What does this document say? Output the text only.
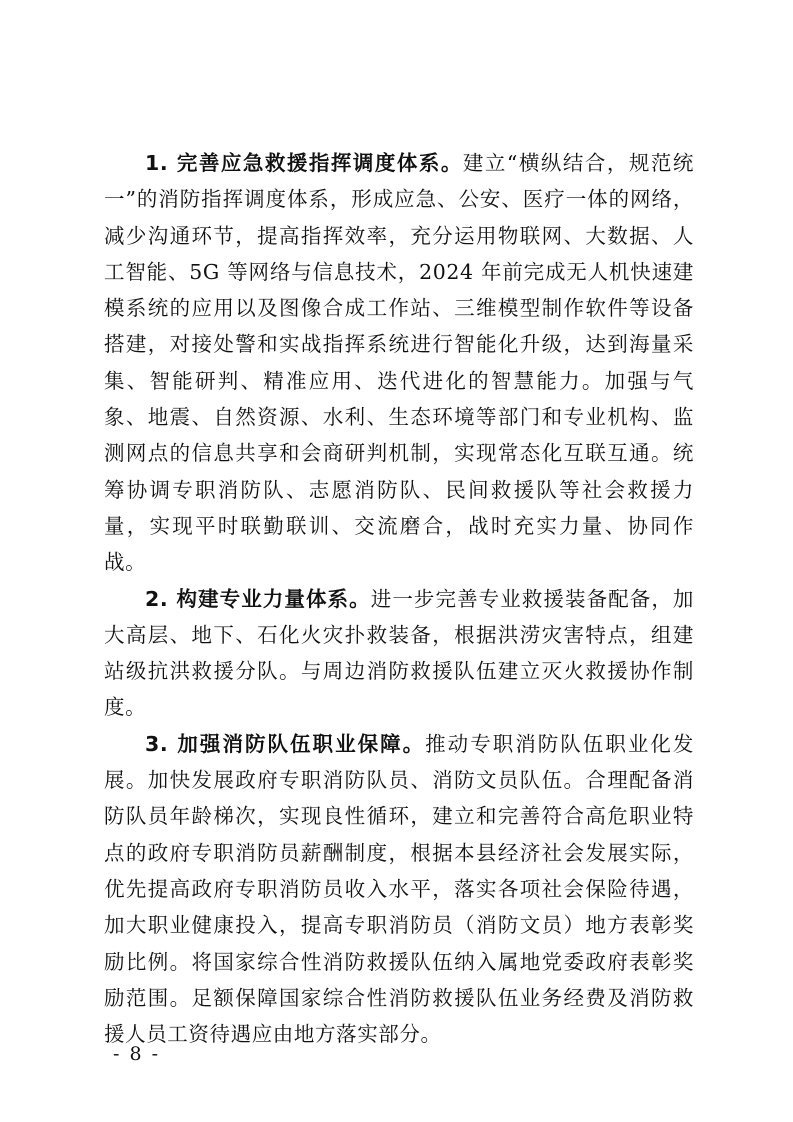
1. 完善应急救援指挥调度体系。建立“横纵结合，规范统一”的消防指挥调度体系，形成应急、公安、医疗一体的网络，减少沟通环节，提高指挥效率，充分运用物联网、大数据、人工智能、5G 等网络与信息技术，2024 年前完成无人机快速建模系统的应用以及图像合成工作站、三维模型制作软件等设备搭建，对接处警和实战指挥系统进行智能化升级，达到海量采集、智能研判、精准应用、迭代进化的智慧能力。加强与气象、地震、自然资源、水利、生态环境等部门和专业机构、监测网点的信息共享和会商研判机制，实现常态化互联互通。统筹协调专职消防队、志愿消防队、民间救援队等社会救援力量，实现平时联勤联训、交流磨合，战时充实力量、协同作战。

2. 构建专业力量体系。进一步完善专业救援装备配备，加大高层、地下、石化火灾扑救装备，根据洪涝灾害特点，组建站级抗洪救援分队。与周边消防救援队伍建立灭火救援协作制度。

3. 加强消防队伍职业保障。推动专职消防队伍职业化发展。加快发展政府专职消防队员、消防文员队伍。合理配备消防队员年龄梯次，实现良性循环，建立和完善符合高危职业特点的政府专职消防员薪酬制度，根据本县经济社会发展实际，优先提高政府专职消防员收入水平，落实各项社会保险待遇，加大职业健康投入，提高专职消防员（消防文员）地方表彰奖励比例。将国家综合性消防救援队伍纳入属地党委政府表彰奖励范围。足额保障国家综合性消防救援队伍业务经费及消防救援人员工资待遇应由地方落实部分。

- 8 -
